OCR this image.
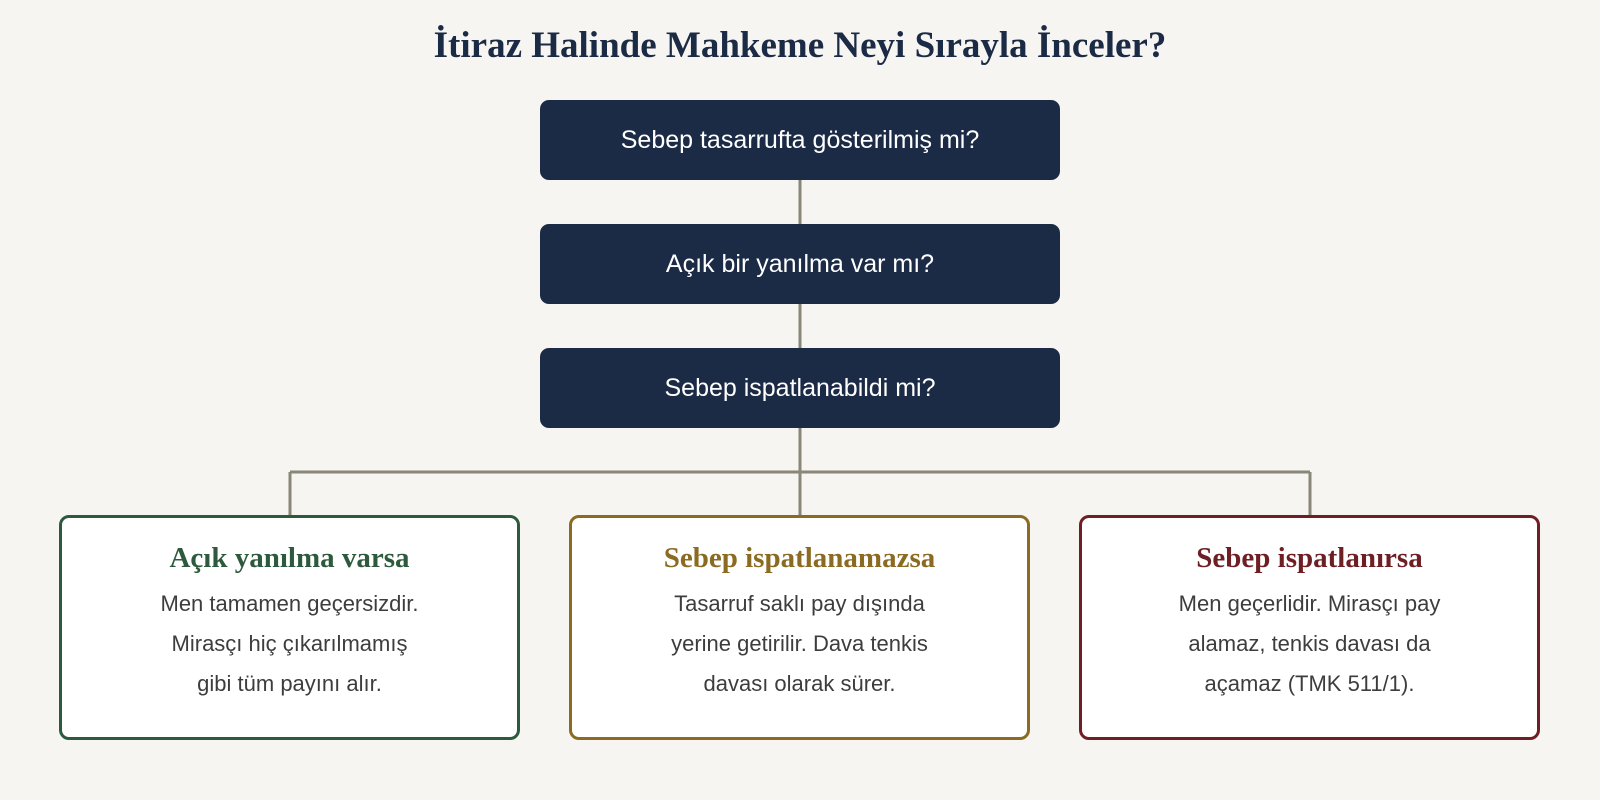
İtiraz Halinde Mahkeme Neyi Sırayla İnceler?
Sebep tasarrufta gösterilmiş mi?
Açık bir yanılma var mı?
Sebep ispatlanabildi mi?
Açık yanılma varsa

Men tamamen geçersizdir.
Mirasçı hiç çıkarılmamış
gibi tüm payını alır.

Sebep ispatlanamazsa

Tasarruf saklı pay dışında
yerine getirilir. Dava tenkis
davası olarak sürer.

Sebep ispatlanırsa

Men geçerlidir. Mirasçı pay
alamaz, tenkis davası da
açamaz (TMK 511/1).
